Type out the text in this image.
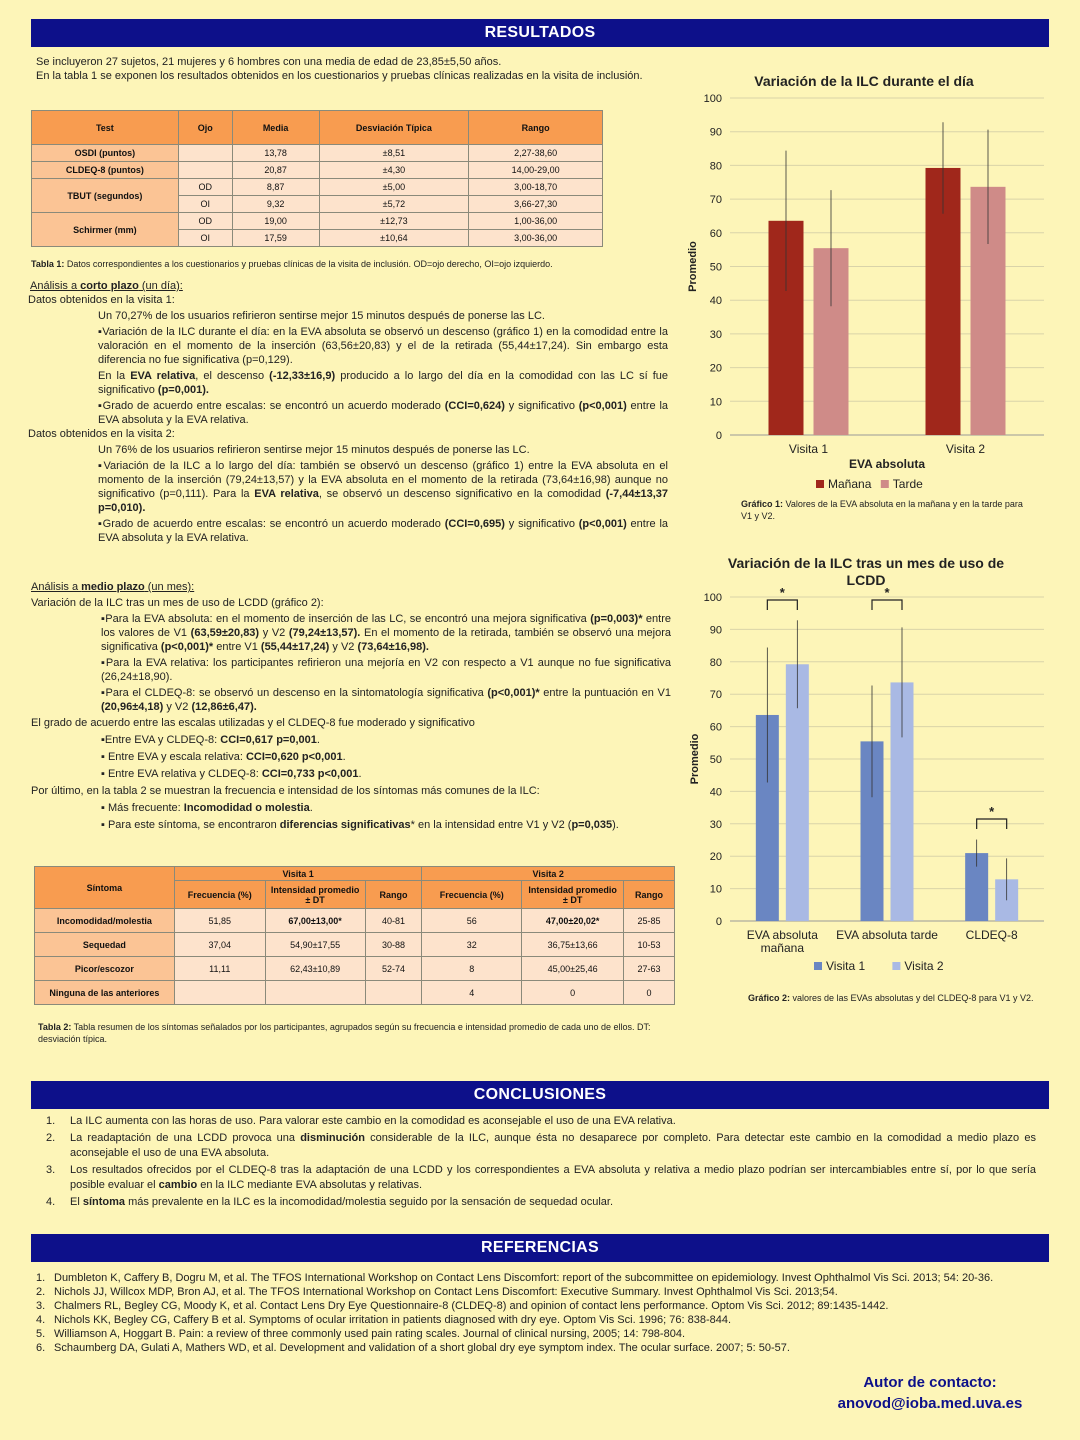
RESULTADOS
Se incluyeron 27 sujetos, 21 mujeres y 6 hombres con una media de edad de 23,85±5,50 años.
En la tabla 1 se exponen los resultados obtenidos en los cuestionarios y pruebas clínicas realizadas en la visita de inclusión.
Test	Ojo	Media	Desviación Típica	Rango
OSDI (puntos)		13,78	±8,51	2,27-38,60
CLDEQ-8 (puntos)		20,87	±4,30	14,00-29,00
TBUT (segundos)	OD	8,87	±5,00	3,00-18,70
	OI	9,32	±5,72	3,66-27,30
Schirmer (mm)	OD	19,00	±12,73	1,00-36,00
	OI	17,59	±10,64	3,00-36,00
Tabla 1: Datos correspondientes a los cuestionarios y pruebas clínicas de la visita de inclusión. OD=ojo derecho, OI=ojo izquierdo.
Análisis a corto plazo (un día):
Datos obtenidos en la visita 1:
Un 70,27% de los usuarios refirieron sentirse mejor 15 minutos después de ponerse las LC.
▪Variación de la ILC durante el día: en la EVA absoluta se observó un descenso (gráfico 1) en la comodidad entre la valoración en el momento de la inserción (63,56±20,83) y el de la retirada (55,44±17,24). Sin embargo esta diferencia no fue significativa (p=0,129).
En la EVA relativa, el descenso (-12,33±16,9) producido a lo largo del día en la comodidad con las LC sí fue significativo (p=0,001).
▪Grado de acuerdo entre escalas: se encontró un acuerdo moderado (CCI=0,624) y significativo (p<0,001) entre la EVA absoluta y la EVA relativa.
Datos obtenidos en la visita 2:
Un 76% de los usuarios refirieron sentirse mejor 15 minutos después de ponerse las LC.
▪Variación de la ILC a lo largo del día: también se observó un descenso (gráfico 1) entre la EVA absoluta en el momento de la inserción (79,24±13,57) y la EVA absoluta en el momento de la retirada (73,64±16,98) aunque no significativo (p=0,111). Para la EVA relativa, se observó un descenso significativo en la comodidad (-7,44±13,37 p=0,010).
▪Grado de acuerdo entre escalas: se encontró un acuerdo moderado (CCI=0,695) y significativo (p<0,001) entre la EVA absoluta y la EVA relativa.
Análisis a medio plazo (un mes):
Variación de la ILC tras un mes de uso de LCDD (gráfico 2):
▪Para la EVA absoluta: en el momento de inserción de las LC, se encontró una mejora significativa (p=0,003)* entre los valores de V1 (63,59±20,83) y V2 (79,24±13,57). En el momento de la retirada, también se observó una mejora significativa (p<0,001)* entre V1 (55,44±17,24) y V2 (73,64±16,98).
▪Para la EVA relativa: los participantes refirieron una mejoría en V2 con respecto a V1 aunque no fue significativa (26,24±18,90).
▪Para el CLDEQ-8: se observó un descenso en la sintomatología significativa (p<0,001)* entre la puntuación en V1 (20,96±4,18) y V2 (12,86±6,47).
El grado de acuerdo entre las escalas utilizadas y el CLDEQ-8 fue moderado y significativo
▪Entre EVA y CLDEQ-8: CCI=0,617 p=0,001.
▪ Entre EVA y escala relativa: CCI=0,620 p<0,001.
▪ Entre EVA relativa y CLDEQ-8: CCI=0,733 p<0,001.
Por último, en la tabla 2 se muestran la frecuencia e intensidad de los síntomas más comunes de la ILC:
▪ Más frecuente: Incomodidad o molestia.
▪ Para este síntoma, se encontraron diferencias significativas* en la intensidad entre V1 y V2 (p=0,035).
Síntoma	Visita 1			Visita 2		
	Frecuencia (%)	Intensidad promedio ± DT	Rango	Frecuencia (%)	Intensidad promedio ± DT	Rango
Incomodidad/molestia	51,85	67,00±13,00*	40-81	56	47,00±20,02*	25-85
Sequedad	37,04	54,90±17,55	30-88	32	36,75±13,66	10-53
Picor/escozor	11,11	62,43±10,89	52-74	8	45,00±25,46	27-63
Ninguna de las anteriores				4	0	0
Tabla 2: Tabla resumen de los síntomas señalados por los participantes, agrupados según su frecuencia e intensidad promedio de cada uno de ellos. DT: desviación típica.
Variación de la ILC durante el día
0
10
20
30
40
50
60
70
80
90
100
Promedio
Visita 1	Visita 2
EVA absoluta
Mañana Tarde
Gráfico 1: Valores de la EVA absoluta en la mañana y en la tarde para V1 y V2.
Variación de la ILC tras un mes de uso de
LCDD
0
10
20
30
40
50
60
70
80
90
100
Promedio
EVA absoluta
mañana
*
EVA absoluta tarde
*
CLDEQ-8
*
Visita 1	Visita 2
Gráfico 2: valores de las EVAs absolutas y del CLDEQ-8 para V1 y V2.
CONCLUSIONES
1. La ILC aumenta con las horas de uso. Para valorar este cambio en la comodidad es aconsejable el uso de una EVA relativa.
2. La readaptación de una LCDD provoca una disminución considerable de la ILC, aunque ésta no desaparece por completo. Para detectar este cambio en la comodidad a medio plazo es aconsejable el uso de una EVA absoluta.
3. Los resultados ofrecidos por el CLDEQ-8 tras la adaptación de una LCDD y los correspondientes a EVA absoluta y relativa a medio plazo podrían ser intercambiables entre sí, por lo que sería posible evaluar el cambio en la ILC mediante EVA absolutas y relativas.
4. El síntoma más prevalente en la ILC es la incomodidad/molestia seguido por la sensación de sequedad ocular.
REFERENCIAS
1. Dumbleton K, Caffery B, Dogru M, et al. The TFOS International Workshop on Contact Lens Discomfort: report of the subcommittee on epidemiology. Invest Ophthalmol Vis Sci. 2013; 54: 20-36.
2. Nichols JJ, Willcox MDP, Bron AJ, et al. The TFOS International Workshop on Contact Lens Discomfort: Executive Summary. Invest Ophthalmol Vis Sci. 2013;54.
3. Chalmers RL, Begley CG, Moody K, et al. Contact Lens Dry Eye Questionnaire-8 (CLDEQ-8) and opinion of contact lens performance. Optom Vis Sci. 2012; 89:1435-1442.
4. Nichols KK, Begley CG, Caffery B et al. Symptoms of ocular irritation in patients diagnosed with dry eye. Optom Vis Sci. 1996; 76: 838-844.
5. Williamson A, Hoggart B. Pain: a review of three commonly used pain rating scales. Journal of clinical nursing, 2005; 14: 798-804.
6. Schaumberg DA, Gulati A, Mathers WD, et al. Development and validation of a short global dry eye symptom index. The ocular surface. 2007; 5: 50-57.
Autor de contacto:
anovod@ioba.med.uva.es
